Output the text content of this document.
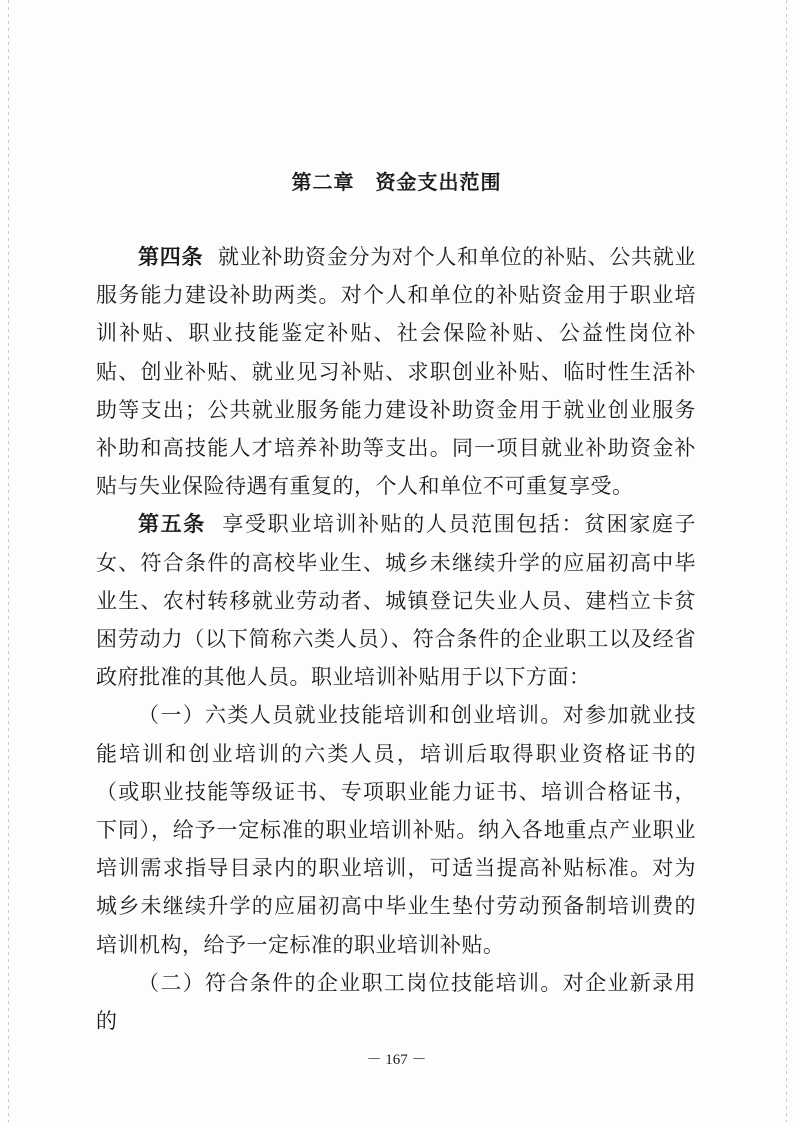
第二章　资金支出范围

第四条 就业补助资金分为对个人和单位的补贴、公共就业服务能力建设补助两类。对个人和单位的补贴资金用于职业培训补贴、职业技能鉴定补贴、社会保险补贴、公益性岗位补贴、创业补贴、就业见习补贴、求职创业补贴、临时性生活补助等支出；公共就业服务能力建设补助资金用于就业创业服务补助和高技能人才培养补助等支出。同一项目就业补助资金补贴与失业保险待遇有重复的，个人和单位不可重复享受。

第五条 享受职业培训补贴的人员范围包括：贫困家庭子女、符合条件的高校毕业生、城乡未继续升学的应届初高中毕业生、农村转移就业劳动者、城镇登记失业人员、建档立卡贫困劳动力（以下简称六类人员）、符合条件的企业职工以及经省政府批准的其他人员。职业培训补贴用于以下方面：

（一）六类人员就业技能培训和创业培训。对参加就业技能培训和创业培训的六类人员，培训后取得职业资格证书的（或职业技能等级证书、专项职业能力证书、培训合格证书，下同），给予一定标准的职业培训补贴。纳入各地重点产业职业培训需求指导目录内的职业培训，可适当提高补贴标准。对为城乡未继续升学的应届初高中毕业生垫付劳动预备制培训费的培训机构，给予一定标准的职业培训补贴。

（二）符合条件的企业职工岗位技能培训。对企业新录用的

－ 167 －
